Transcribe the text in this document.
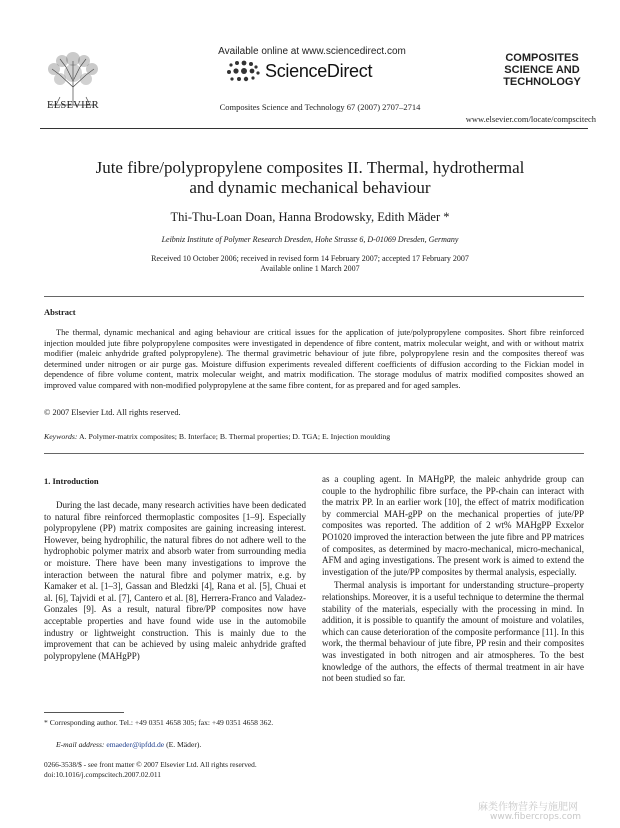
ELSEVIER
Available online at www.sciencedirect.com
ScienceDirect
Composites Science and Technology 67 (2007) 2707–2714
COMPOSITES
SCIENCE AND
TECHNOLOGY
www.elsevier.com/locate/compscitech
Jute fibre/polypropylene composites II. Thermal, hydrothermal
and dynamic mechanical behaviour
Thi-Thu-Loan Doan, Hanna Brodowsky, Edith Mäder *
Leibniz Institute of Polymer Research Dresden, Hohe Strasse 6, D-01069 Dresden, Germany
Received 10 October 2006; received in revised form 14 February 2007; accepted 17 February 2007
Available online 1 March 2007
Abstract
The thermal, dynamic mechanical and aging behaviour are critical issues for the application of jute/polypropylene composites. Short fibre reinforced injection moulded jute fibre polypropylene composites were investigated in dependence of fibre content, matrix molecular weight, and with or without matrix modifier (maleic anhydride grafted polypropylene). The thermal gravimetric behaviour of jute fibre, polypropylene resin and the composites thereof was determined under nitrogen or air purge gas. Moisture diffusion experiments revealed different coefficients of diffusion according to the Fickian model in dependence of fibre volume content, matrix molecular weight, and matrix modification. The storage modulus of matrix modified composites showed an improved value compared with non-modified polypropylene at the same fibre content, for as prepared and for aged samples.
© 2007 Elsevier Ltd. All rights reserved.
Keywords: A. Polymer-matrix composites; B. Interface; B. Thermal properties; D. TGA; E. Injection moulding
1. Introduction
During the last decade, many research activities have been dedicated to natural fibre reinforced thermoplastic composites [1–9]. Especially polypropylene (PP) matrix composites are gaining increasing interest. However, being hydrophilic, the natural fibres do not adhere well to the hydrophobic polymer matrix and absorb water from surrounding media or moisture. There have been many investigations to improve the interaction between the natural fibre and polymer matrix, e.g. by Kamaker et al. [1–3], Gassan and Bledzki [4], Rana et al. [5], Chuai et al. [6], Tajvidi et al. [7], Cantero et al. [8], Herrera-Franco and Valadez-Gonzales [9]. As a result, natural fibre/PP composites now have acceptable properties and have found wide use in the automobile industry or lightweight construction. This is mainly due to the improvement that can be achieved by using maleic anhydride grafted polypropylene (MAHgPP)

as a coupling agent. In MAHgPP, the maleic anhydride group can couple to the hydrophilic fibre surface, the PP-chain can interact with the matrix PP. In an earlier work [10], the effect of matrix modification by commercial MAH-gPP on the mechanical properties of jute/PP composites was reported. The addition of 2 wt% MAHgPP Exxelor PO1020 improved the interaction between the jute fibre and PP matrices of composites, as determined by macro-mechanical, micro-mechanical, AFM and aging investigations. The present work is aimed to extend the investigation of the jute/PP composites by thermal analysis, especially.

Thermal analysis is important for understanding structure–property relationships. Moreover, it is a useful technique to determine the thermal stability of the materials, especially with the processing in mind. In addition, it is possible to quantify the amount of moisture and volatiles, which can cause deterioration of the composite performance [11]. In this work, the thermal behaviour of jute fibre, PP resin and their composites was investigated in both nitrogen and air atmospheres. To the best knowledge of the authors, the effects of thermal treatment in air have not been studied so far.

* Corresponding author. Tel.: +49 0351 4658 305; fax: +49 0351 4658 362.
E-mail address: emaeder@ipfdd.de (E. Mäder).
0266-3538/$ - see front matter © 2007 Elsevier Ltd. All rights reserved.
doi:10.1016/j.compscitech.2007.02.011
麻类作物营养与施肥网
www.fibercrops.com
